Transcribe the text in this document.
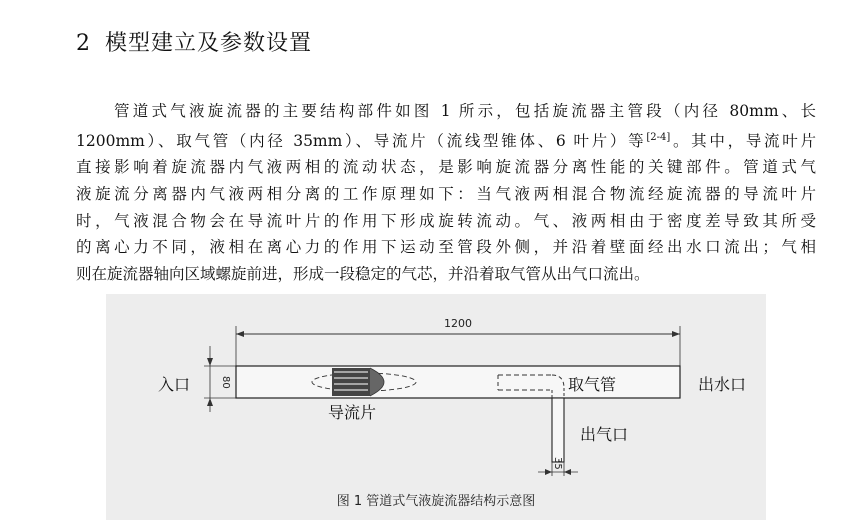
2 模型建立及参数设置
管道式气液旋流器的主要结构部件如图 1 所示，包括旋流器主管段（内径 80mm、长
1200mm）、取气管（内径 35mm）、导流片（流线型锥体、6 叶片）等[2-4]。其中，导流叶片
直接影响着旋流器内气液两相的流动状态，是影响旋流器分离性能的关键部件。管道式气
液旋流分离器内气液两相分离的工作原理如下：当气液两相混合物流经旋流器的导流叶片
时，气液混合物会在导流叶片的作用下形成旋转流动。气、液两相由于密度差导致其所受
的离心力不同，液相在离心力的作用下运动至管段外侧，并沿着壁面经出水口流出；气相
则在旋流器轴向区域螺旋前进，形成一段稳定的气芯，并沿着取气管从出气口流出。
1200
80
35
入口
导流片
取气管	出水口
出气口
图 1 管道式气液旋流器结构示意图
